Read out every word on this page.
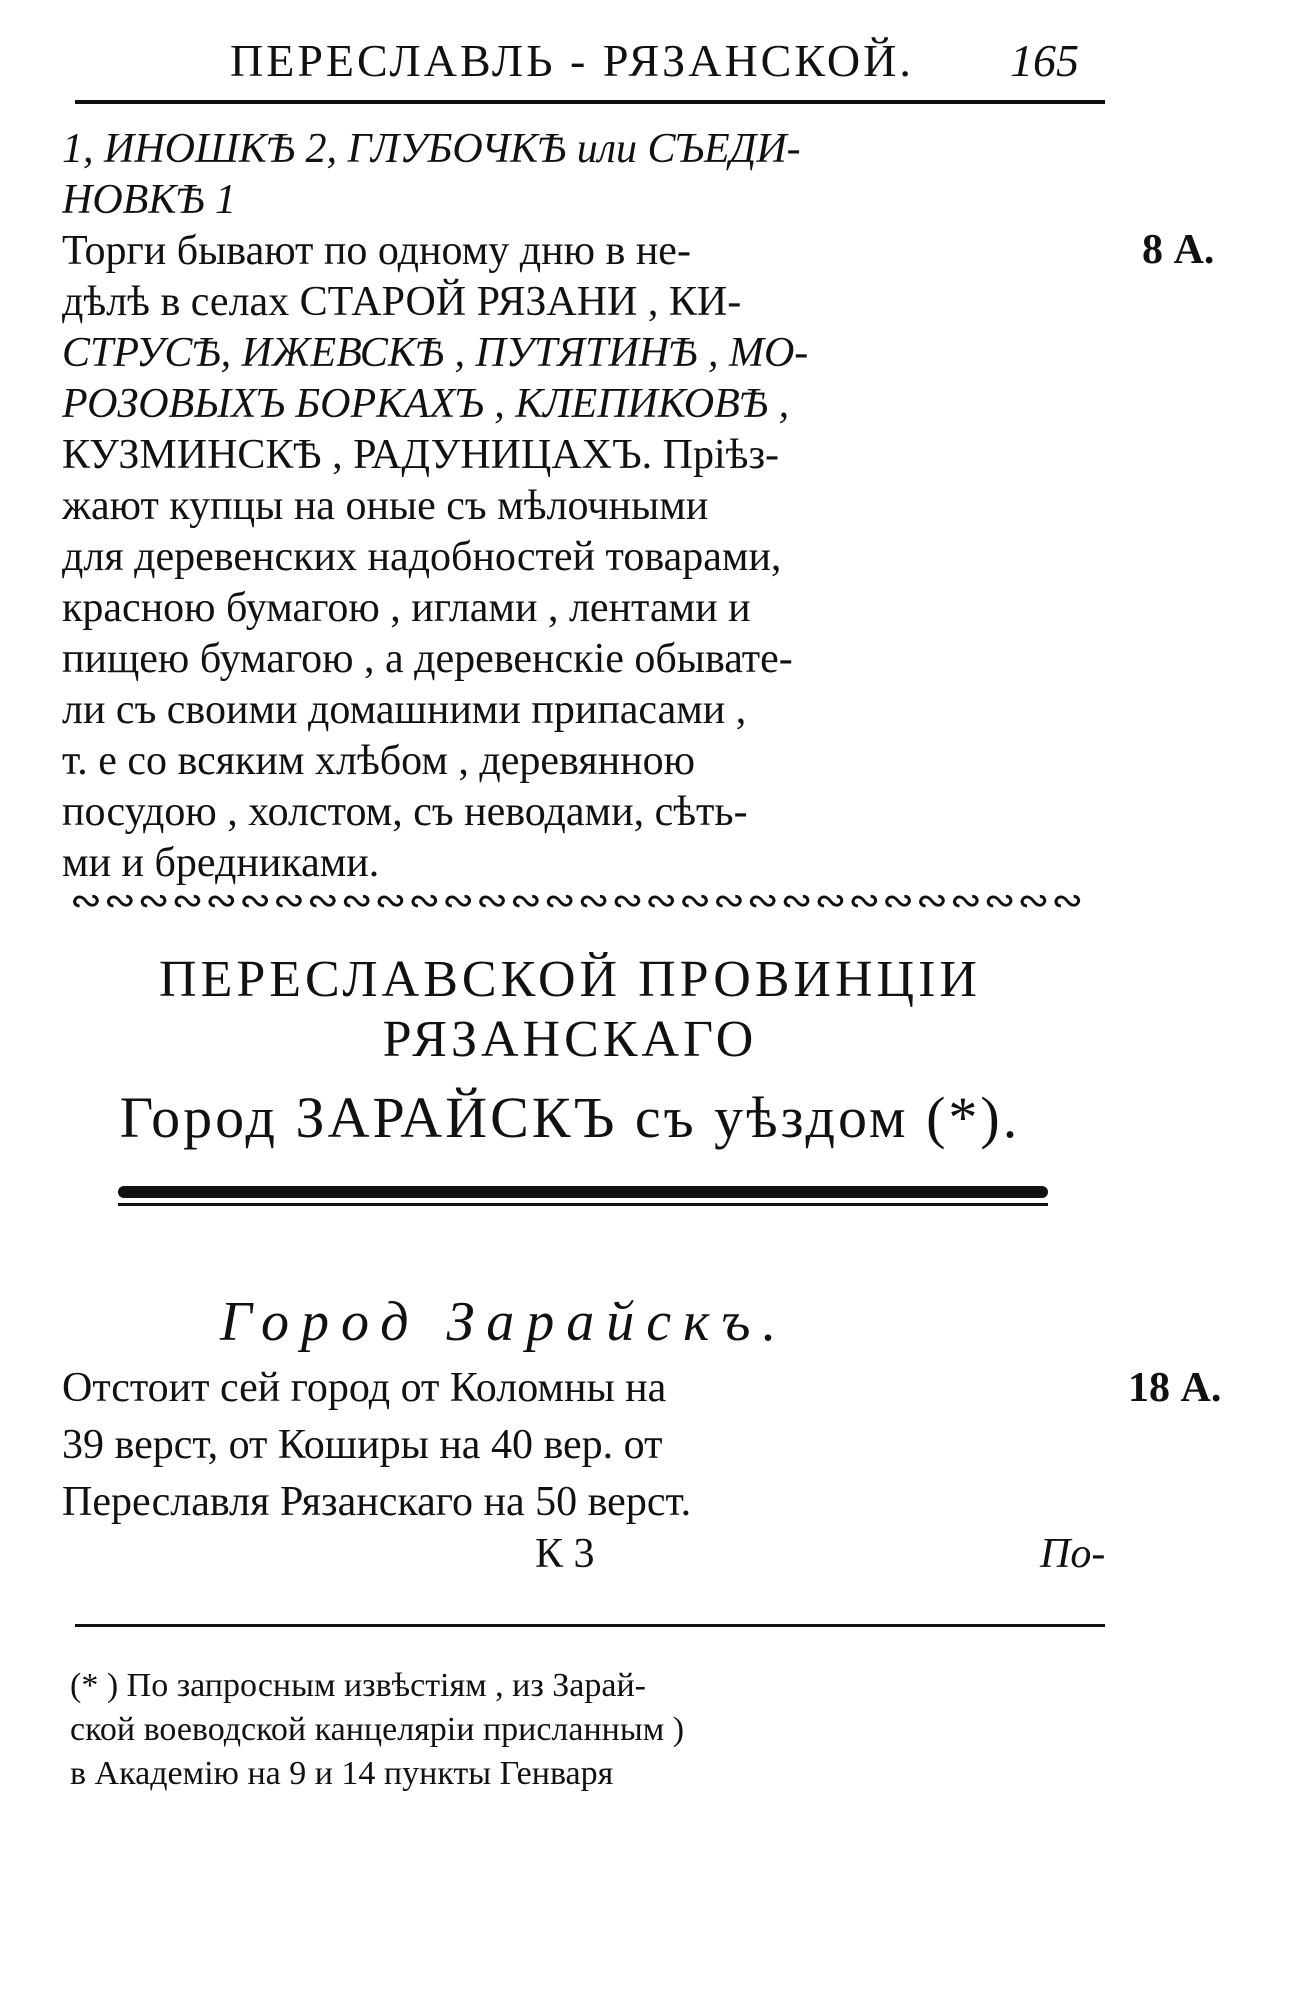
ПЕРЕСЛАВЛЬ - РЯЗАНСКОЙ. 165
1, ИНОШКѢ 2, ГЛУБОЧКѢ или СЪЕДИ-
НОВКѢ 1
Торги бывают по одному дню в не-
дѣлѣ в селах СТАРОЙ РЯЗАНИ , КИ-
СТРУСѢ, ИЖЕВСКѢ , ПУТЯТИНѢ , МО-
РОЗОВЫХЪ БОРКАХЪ , КЛЕПИКОВѢ ,
КУЗМИНСКѢ , РАДУНИЦАХЪ. Пріѣз-
жают купцы на оные съ мѣлочными
для деревенских надобностей товарами,
красною бумагою , иглами , лентами и
пищею бумагою , а деревенскіе обывате-
ли съ своими домашними припасами ,
т. е со всяким хлѣбом , деревянною
посудою , холстом, съ неводами, сѣть-
ми и бредниками.
8 А.
∾∾∾∾∾∾∾∾∾∾∾∾∾∾∾∾∾∾∾∾∾∾∾∾∾∾∾∾∾∾
ПЕРЕСЛАВСКОЙ ПРОВИНЦІИ
РЯЗАНСКАГО
Город ЗАРАЙСКЪ съ уѣздом (*).
Город Зарайскъ.
Отстоит сей город от Коломны на
39 верст, от Коширы на 40 вер. от
Переславля Рязанскаго на 50 верст.
18 А.
К 3	По-
(* ) По запросным извѣстіям , из Зарай-
ской воеводской канцеляріи присланным )
в Академію на 9 и 14 пункты Генваря
